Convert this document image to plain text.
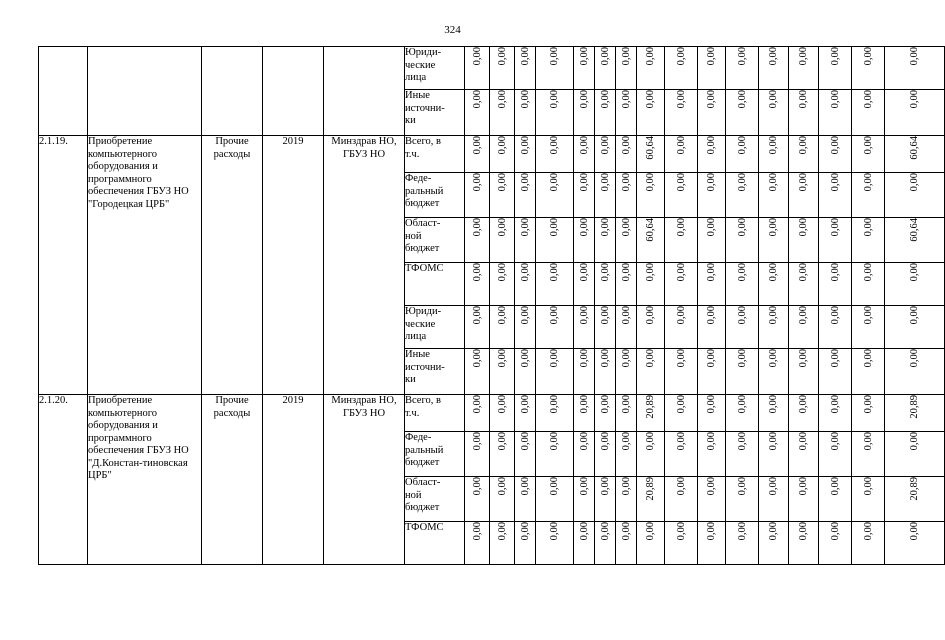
324
					Юриди-
ческие
лица	0,00	0,00	0,00	0,00	0,00	0,00	0,00	0,00	0,00	0,00	0,00	0,00	0,00	0,00	0,00	0,00
					Иные
источни-
ки	0,00	0,00	0,00	0,00	0,00	0,00	0,00	0,00	0,00	0,00	0,00	0,00	0,00	0,00	0,00	0,00
2.1.19.	Приобретение компьютерного оборудования и программного обеспечения ГБУЗ НО "Городецкая ЦРБ"	Прочие расходы	2019	Минздрав НО, ГБУЗ НО	Всего, в
т.ч.	0,00	0,00	0,00	0,00	0,00	0,00	0,00	60,64	0,00	0,00	0,00	0,00	0,00	0,00	0,00	60,64
					Феде-
ральный
бюджет	0,00	0,00	0,00	0,00	0,00	0,00	0,00	0,00	0,00	0,00	0,00	0,00	0,00	0,00	0,00	0,00
					Област-
ной
бюджет	0,00	0,00	0,00	0,00	0,00	0,00	0,00	60,64	0,00	0,00	0,00	0,00	0,00	0,00	0,00	60,64
					ТФОМС	0,00	0,00	0,00	0,00	0,00	0,00	0,00	0,00	0,00	0,00	0,00	0,00	0,00	0,00	0,00	0,00
					Юриди-
ческие
лица	0,00	0,00	0,00	0,00	0,00	0,00	0,00	0,00	0,00	0,00	0,00	0,00	0,00	0,00	0,00	0,00
					Иные
источни-
ки	0,00	0,00	0,00	0,00	0,00	0,00	0,00	0,00	0,00	0,00	0,00	0,00	0,00	0,00	0,00	0,00
2.1.20.	Приобретение компьютерного оборудования и программного обеспечения ГБУЗ НО "Д.Констан-тиновская ЦРБ"	Прочие расходы	2019	Минздрав НО, ГБУЗ НО	Всего, в
т.ч.	0,00	0,00	0,00	0,00	0,00	0,00	0,00	20,89	0,00	0,00	0,00	0,00	0,00	0,00	0,00	20,89
					Феде-
ральный
бюджет	0,00	0,00	0,00	0,00	0,00	0,00	0,00	0,00	0,00	0,00	0,00	0,00	0,00	0,00	0,00	0,00
					Област-
ной
бюджет	0,00	0,00	0,00	0,00	0,00	0,00	0,00	20,89	0,00	0,00	0,00	0,00	0,00	0,00	0,00	20,89
					ТФОМС	0,00	0,00	0,00	0,00	0,00	0,00	0,00	0,00	0,00	0,00	0,00	0,00	0,00	0,00	0,00	0,00
